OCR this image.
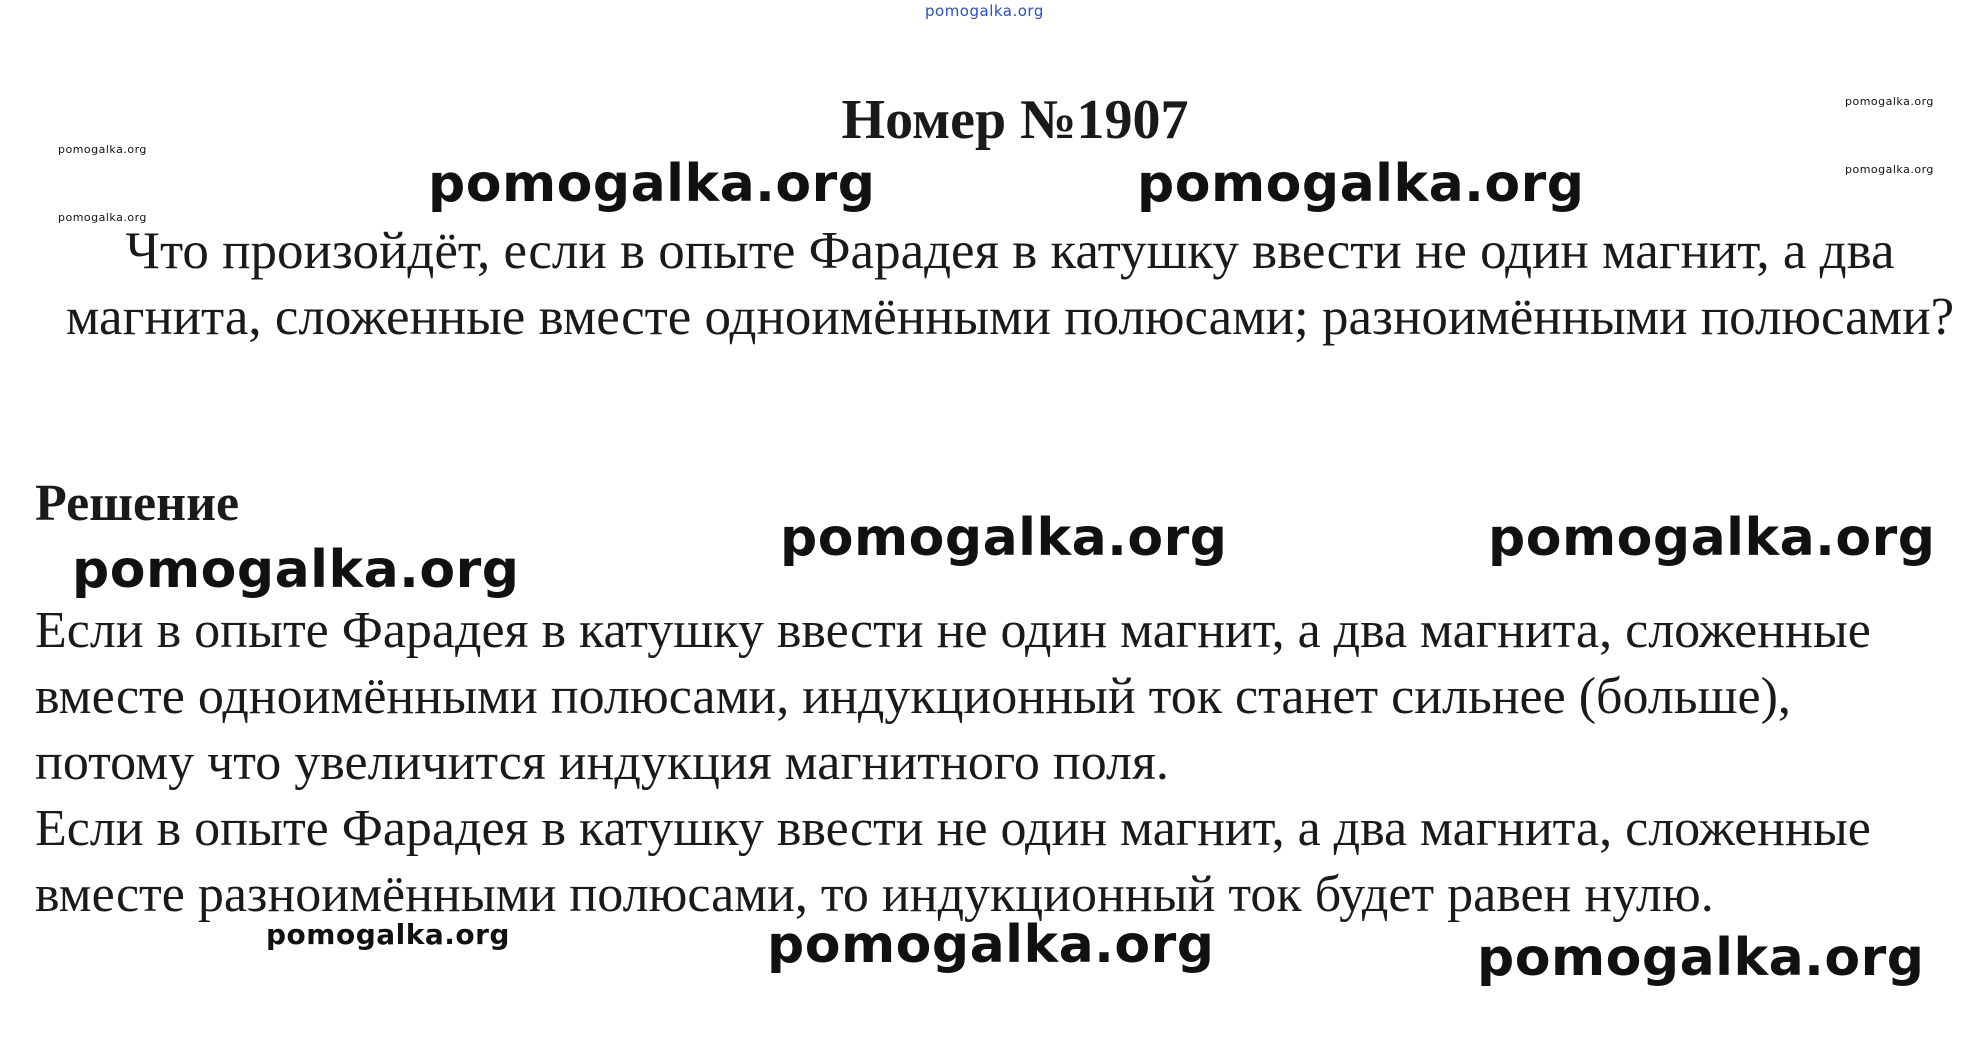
pomogalka.org
pomogalka.org
pomogalka.org
pomogalka.org
pomogalka.org
pomogalka.org	pomogalka.org
pomogalka.org	pomogalka.org
pomogalka.org
pomogalka.org	pomogalka.org	pomogalka.org
Номер №1907
Что произойдёт, если в опыте Фарадея в катушку ввести не один магнит, а два магнита, сложенные вместе одноимёнными полюсами; разноимёнными полюсами?
Решение

Если в опыте Фарадея в катушку ввести не один магнит, а два магнита, сложенные вместе одноимёнными полюсами, индукционный ток станет сильнее (больше), потому что увеличится индукция магнитного поля.

Если в опыте Фарадея в катушку ввести не один магнит, а два магнита, сложенные вместе разноимёнными полюсами, то индукционный ток будет равен нулю.
